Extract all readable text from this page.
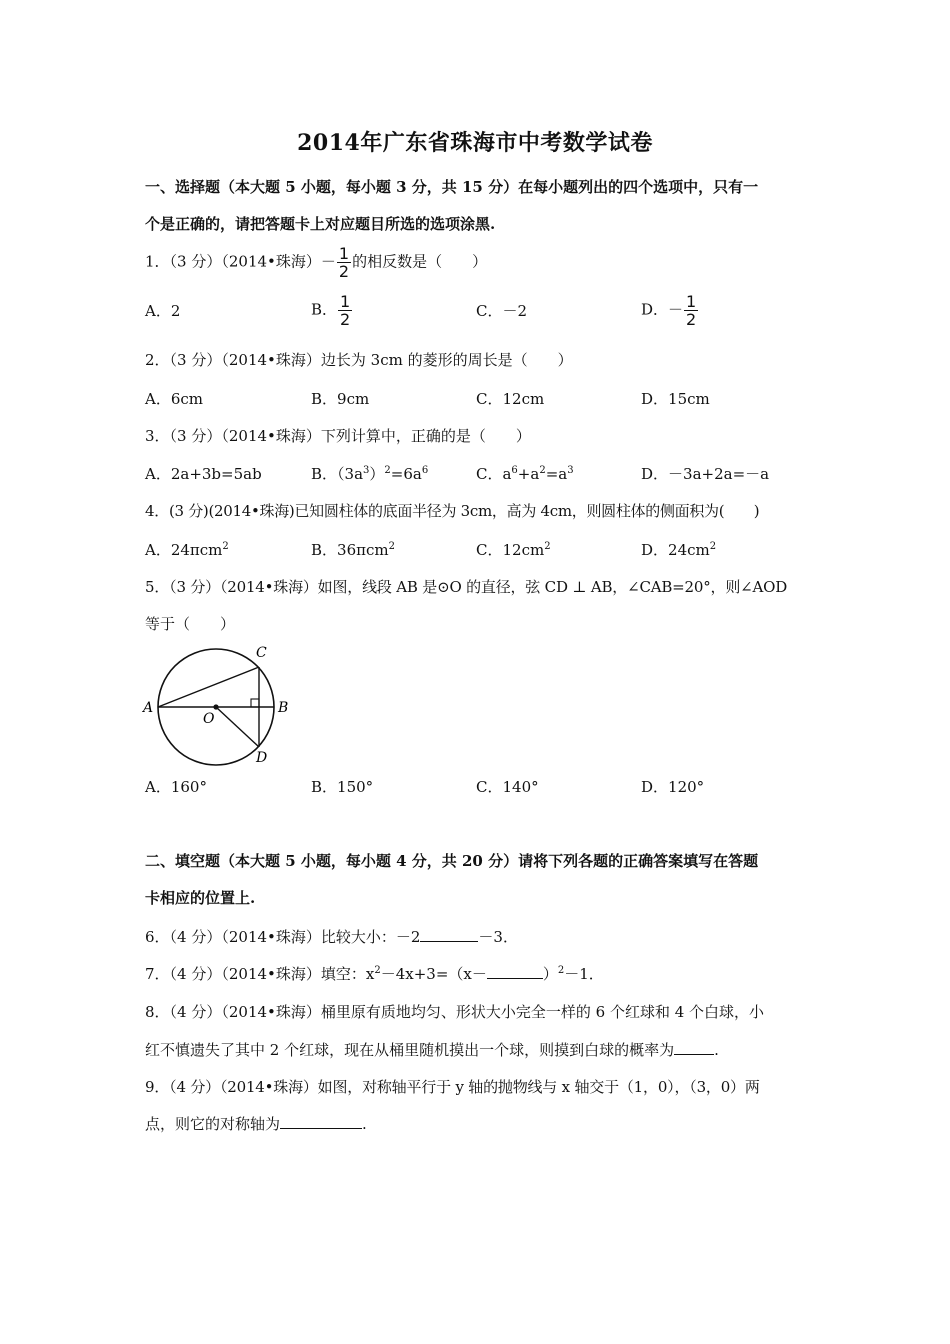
2014年广东省珠海市中考数学试卷
一、选择题（本大题 5 小题，每小题 3 分，共 15 分）在每小题列出的四个选项中，只有一
个是正确的，请把答题卡上对应题目所选的选项涂黑.
1．（3 分）（2014•珠海）－ $\frac{1}{2}$ 的相反数是（　　）
A．2	B． $\frac{1}{2}$	C．－2	D．－ $\frac{1}{2}$
2．（3 分）（2014•珠海）边长为 3cm 的菱形的周长是（　　）
A．6cm	B．9cm	C．12cm	D．15cm
3．（3 分）（2014•珠海）下列计算中，正确的是（　　）
A．2a+3b=5ab	B．$(3a^3)^2=6a^6$	C．$a^6+a^2=a^3$	D．－3a+2a=－a
4．(3 分)(2014•珠海)已知圆柱体的底面半径为 3cm，高为 4cm，则圆柱体的侧面积为(　　)
A．24πcm$^2$	B．36πcm$^2$	C．$12cm^2$	D．$24cm^2$
5．（3 分）（2014•珠海）如图，线段 AB 是⊙O 的直径，弦 CD ⊥ AB，∠CAB=20°，则∠AOD
等于（　　）
A	B
C
D
O
A．160°	B．150°	C．140°	D．120°
二、填空题（本大题 5 小题，每小题 4 分，共 20 分）请将下列各题的正确答案填写在答题
卡相应的位置上.
6．（4 分）（2014•珠海）比较大小：－2	－3．
7．（4 分）（2014•珠海）填空：$x^2-4x+3=(x-$	）$^2$－1．
8．（4 分）（2014•珠海）桶里原有质地均匀、形状大小完全一样的 6 个红球和 4 个白球，小
红不慎遗失了其中 2 个红球，现在从桶里随机摸出一个球，则摸到白球的概率为	.
9．（4 分）（2014•珠海）如图，对称轴平行于 y 轴的抛物线与 x 轴交于（1，0），（3，0）两
点，则它的对称轴为	.
